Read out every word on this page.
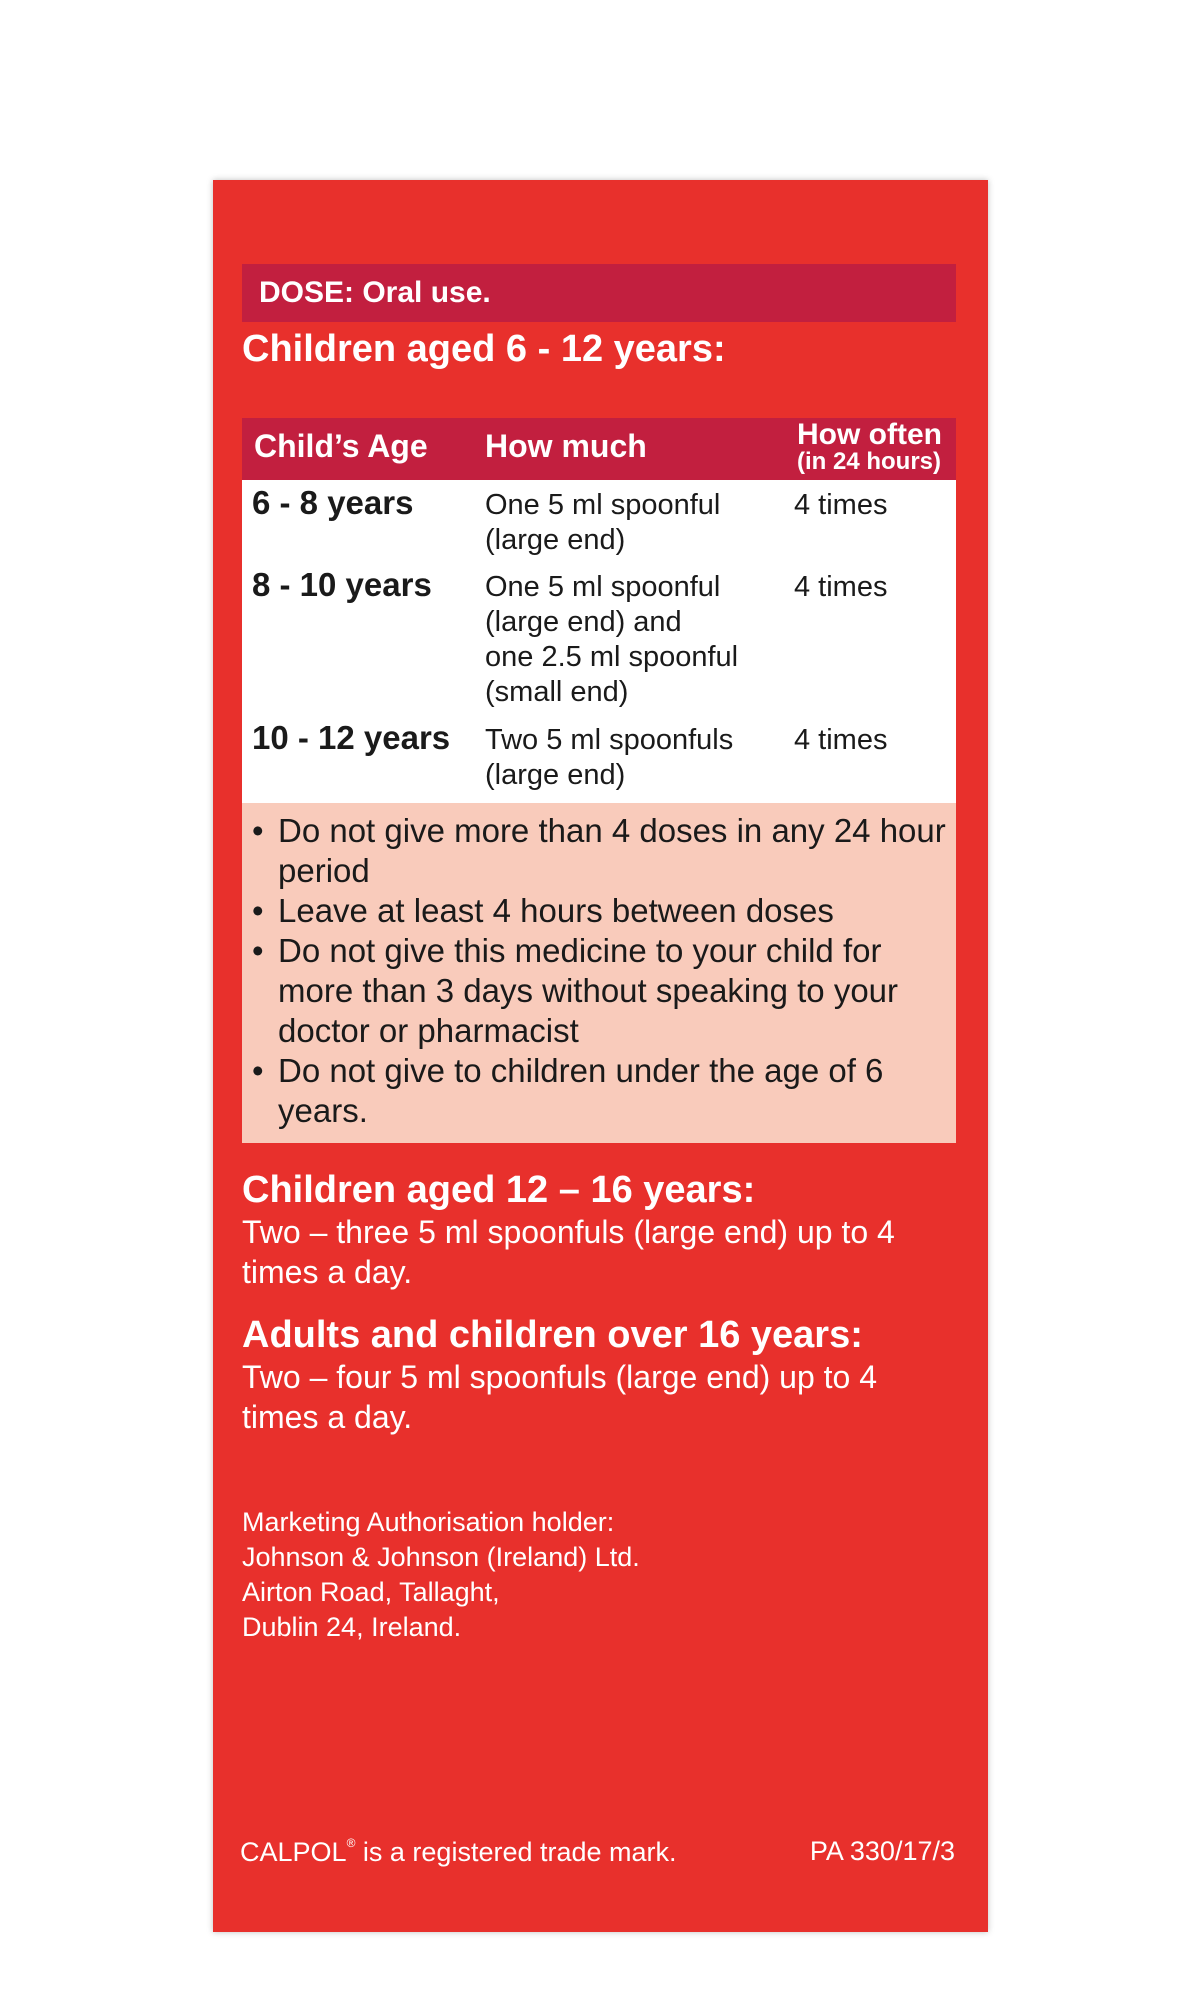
DOSE: Oral use.
Children aged 6 - 12 years:
Child’s Age How much	How often
(in 24 hours)
6 - 8 years One 5 ml spoonful
(large end)
4 times
8 - 10 years One 5 ml spoonful
(large end) and
one 2.5 ml spoonful
(small end)
4 times
10 - 12 years Two 5 ml spoonfuls
(large end)
4 times
• Do not give more than 4 doses in any 24 hour period
• Leave at least 4 hours between doses
• Do not give this medicine to your child for more than 3 days without speaking to your doctor or pharmacist
• Do not give to children under the age of 6 years.
Children aged 12 – 16 years:

Two – three 5 ml spoonfuls (large end) up to 4 times a day.

Adults and children over 16 years:

Two – four 5 ml spoonfuls (large end) up to 4 times a day.

Marketing Authorisation holder:
Johnson & Johnson (Ireland) Ltd.
Airton Road, Tallaght,
Dublin 24, Ireland.
CALPOL® is a registered trade mark.	PA 330/17/3
